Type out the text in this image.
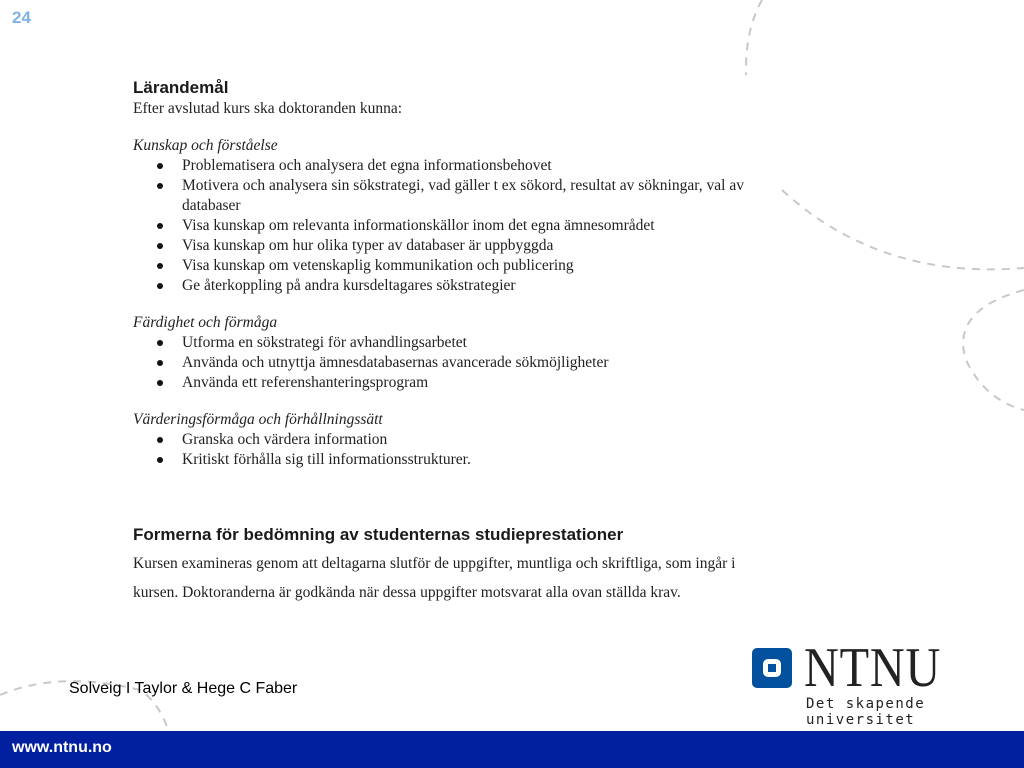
24
Lärandemål
Efter avslutad kurs ska doktoranden kunna:
Kunskap och förståelse
Problematisera och analysera det egna informationsbehovet
Motivera och analysera sin sökstrategi, vad gäller t ex sökord, resultat av sökningar, val av databaser
Visa kunskap om relevanta informationskällor inom det egna ämnesområdet
Visa kunskap om hur olika typer av databaser är uppbyggda
Visa kunskap om vetenskaplig kommunikation och publicering
Ge återkoppling på andra kursdeltagares sökstrategier
Färdighet och förmåga
Utforma en sökstrategi för avhandlingsarbetet
Använda och utnyttja ämnesdatabasernas avancerade sökmöjligheter
Använda ett referenshanteringsprogram
Värderingsförmåga och förhållningssätt
Granska och värdera information
Kritiskt förhålla sig till informationsstrukturer.
Formerna för bedömning av studenternas studieprestationer
Kursen examineras genom att deltagarna slutför de uppgifter, muntliga och skriftliga, som ingår i kursen. Doktoranderna är godkända när dessa uppgifter motsvarat alla ovan ställda krav.
Solveig I Taylor & Hege C Faber	NTNU
Det skapende universitet
www.ntnu.no
